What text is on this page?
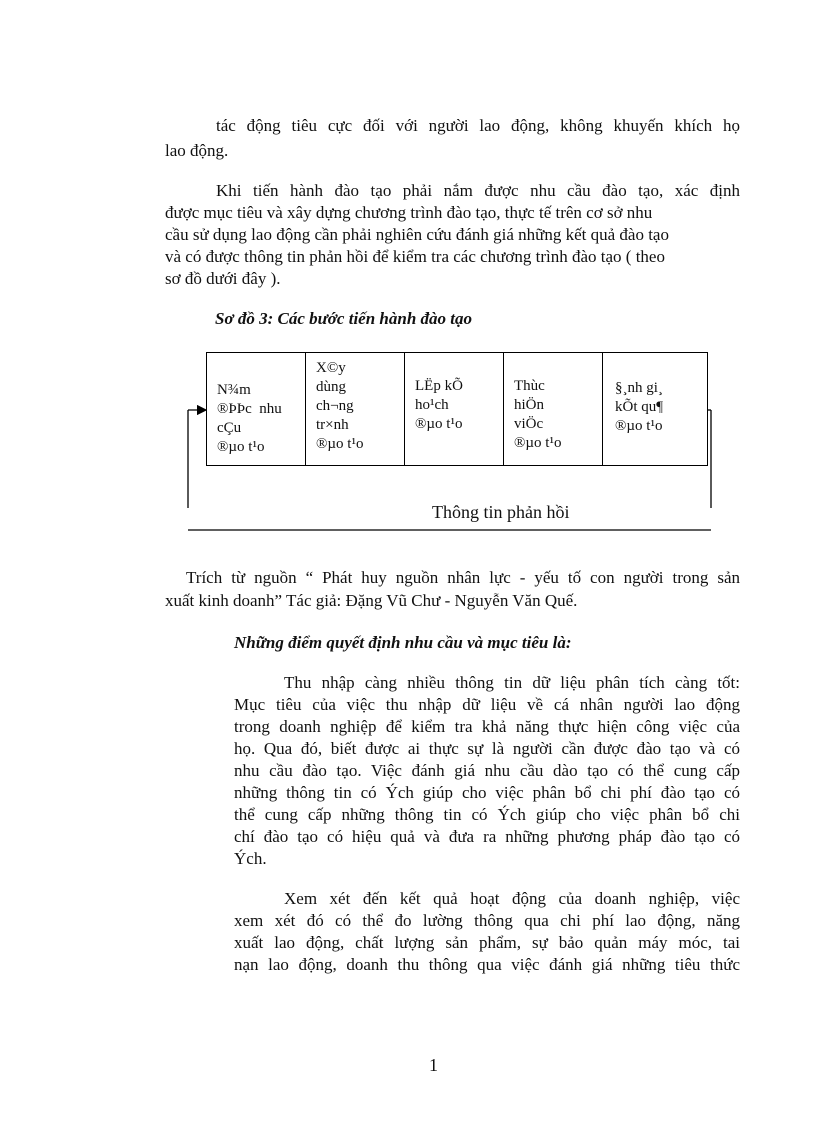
tác động tiêu cực đối với người lao động, không khuyến khích họ
lao động.
Khi tiến hành đào tạo phải nắm được nhu cầu đào tạo, xác định
được mục tiêu và xây dựng chương trình đào tạo, thực tế trên cơ sở nhu
cầu sử dụng lao động cần phải nghiên cứu đánh giá những kết quả đào tạo
và có được thông tin phản hồi để kiểm tra các chương trình đào tạo ( theo
sơ đồ dưới đây ).
Sơ đồ 3: Các bước tiến hành đào tạo
N¾m
®ÞÞc  nhu
cÇu
®µo t¹o
X©y
dùng
ch¬ng
tr×nh
®µo t¹o
LËp kÕ
ho¹ch
®µo t¹o
Thùc
hiÖn
viÖc
®µo t¹o
§¸nh gi¸
kÕt qu¶
®µo t¹o
Thông tin phản hồi
Trích từ nguồn “ Phát huy nguồn nhân lực - yếu tố con người trong sản
xuất kinh doanh” Tác giả: Đặng Vũ Chư - Nguyễn Văn Quế.
Những điểm quyết định nhu cầu và mục tiêu là:
Thu nhập càng nhiều thông tin dữ liệu phân tích càng tốt:
Mục tiêu của việc thu nhập dữ liệu về cá nhân người lao động
trong doanh nghiệp để kiểm tra khả năng thực hiện công việc của
họ. Qua đó, biết được ai thực sự là người cần được đào tạo và có
nhu cầu đào tạo. Việc đánh giá nhu cầu dào tạo có thể cung cấp
những thông tin có Ých giúp cho việc phân bổ chi phí đào tạo có
thể cung cấp những thông tin có Ých giúp cho việc phân bổ chi
chí đào tạo có hiệu quả và đưa ra những phương pháp đào tạo có
Ých.
Xem xét đến kết quả hoạt động của doanh nghiệp, việc
xem xét đó có thể đo lường thông qua chi phí lao động, năng
xuất lao động, chất lượng sản phẩm, sự bảo quản máy móc, tai
nạn lao động, doanh thu thông qua việc đánh giá những tiêu thức
1
